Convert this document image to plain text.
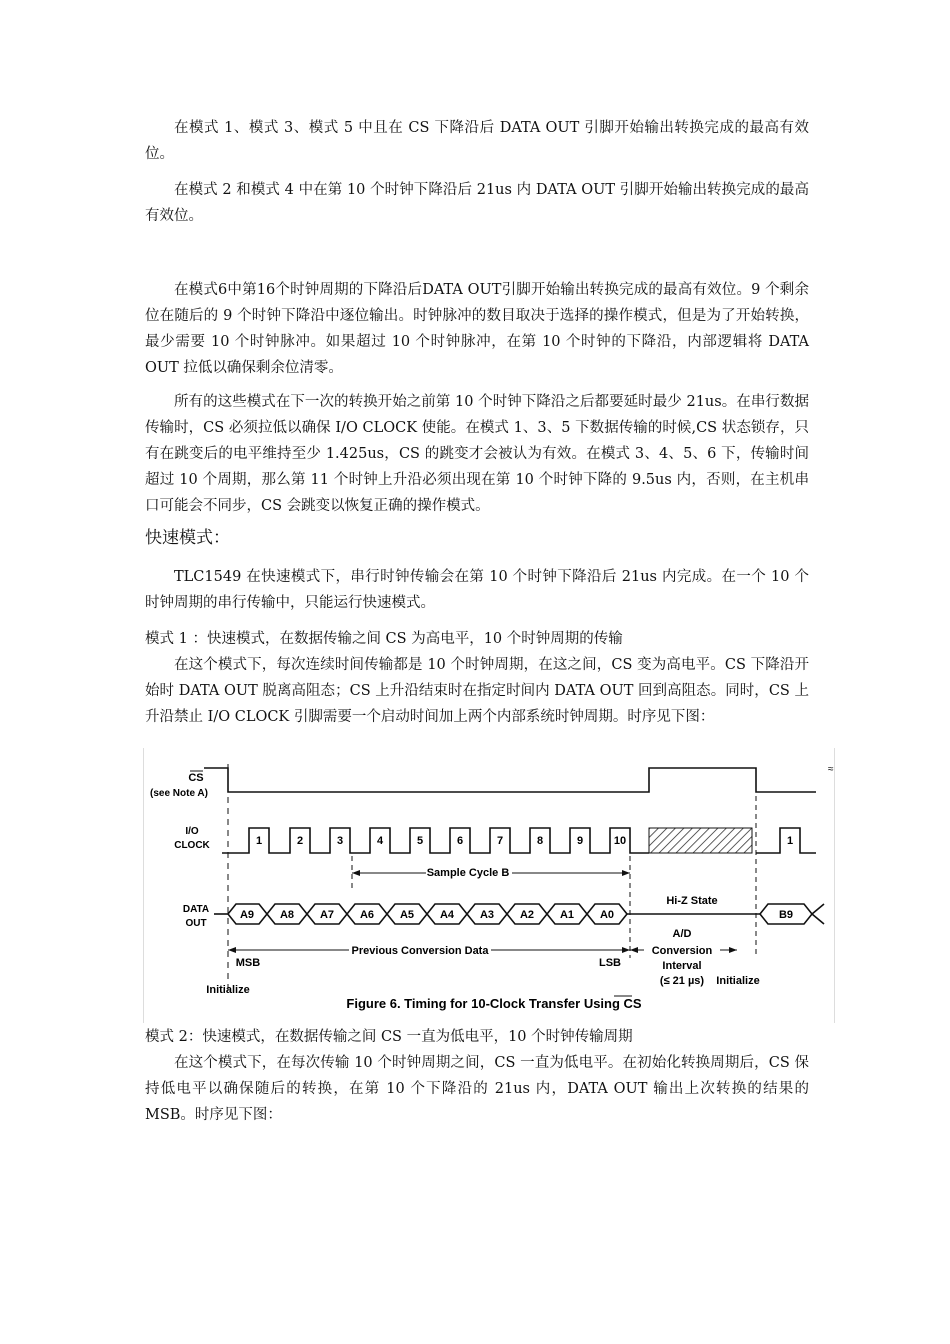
在模式 1、模式 3、模式 5 中且在 CS 下降沿后 DATA OUT 引脚开始输出转换完成的最高有效位。

在模式 2 和模式 4 中在第 10 个时钟下降沿后 21us 内 DATA OUT 引脚开始输出转换完成的最高有效位。

在模式6中第16个时钟周期的下降沿后DATA OUT引脚开始输出转换完成的最高有效位。9 个剩余位在随后的 9 个时钟下降沿中逐位输出。时钟脉冲的数目取决于选择的操作模式，但是为了开始转换，最少需要 10 个时钟脉冲。如果超过 10 个时钟脉冲，在第 10 个时钟的下降沿，内部逻辑将 DATA OUT 拉低以确保剩余位清零。

所有的这些模式在下一次的转换开始之前第 10 个时钟下降沿之后都要延时最少 21us。在串行数据传输时，CS 必须拉低以确保 I/O CLOCK 使能。在模式 1、3、5 下数据传输的时候,CS 状态锁存，只有在跳变后的电平维持至少 1.425us，CS 的跳变才会被认为有效。在模式 3、4、5、6 下，传输时间超过 10 个周期，那么第 11 个时钟上升沿必须出现在第 10 个时钟下降的 9.5us 内，否则，在主机串口可能会不同步，CS 会跳变以恢复正确的操作模式。

快速模式：

TLC1549 在快速模式下，串行时钟传输会在第 10 个时钟下降沿后 21us 内完成。在一个 10 个时钟周期的串行传输中，只能运行快速模式。

模式 1 ：快速模式，在数据传输之间 CS 为高电平，10 个时钟周期的传输

在这个模式下，每次连续时间传输都是 10 个时钟周期，在这之间，CS 变为高电平。CS 下降沿开始时 DATA OUT 脱离高阻态；CS 上升沿结束时在指定时间内 DATA OUT 回到高阻态。同时，CS 上升沿禁止 I/O CLOCK 引脚需要一个启动时间加上两个内部系统时钟周期。时序见下图：

CS
(see Note A)
≈
I/O
CLOCK	1	2	3	4	5	6	7	8	9	10	1
Sample Cycle B
DATA
OUT
A9 A8 A7 A6 A5 A4 A3 A2 A1 A0	B9
Hi-Z State
Previous Conversion Data
A/D
Conversion
Interval
(≤ 21 µs)
MSB	LSB
Initialize
Initialize
Figure 6. Timing for 10-Clock Transfer Using CS

模式 2：快速模式，在数据传输之间 CS 一直为低电平，10 个时钟传输周期

在这个模式下，在每次传输 10 个时钟周期之间，CS 一直为低电平。在初始化转换周期后，CS 保持低电平以确保随后的转换，在第 10 个下降沿的 21us 内，DATA OUT 输出上次转换的结果的 MSB。时序见下图：
